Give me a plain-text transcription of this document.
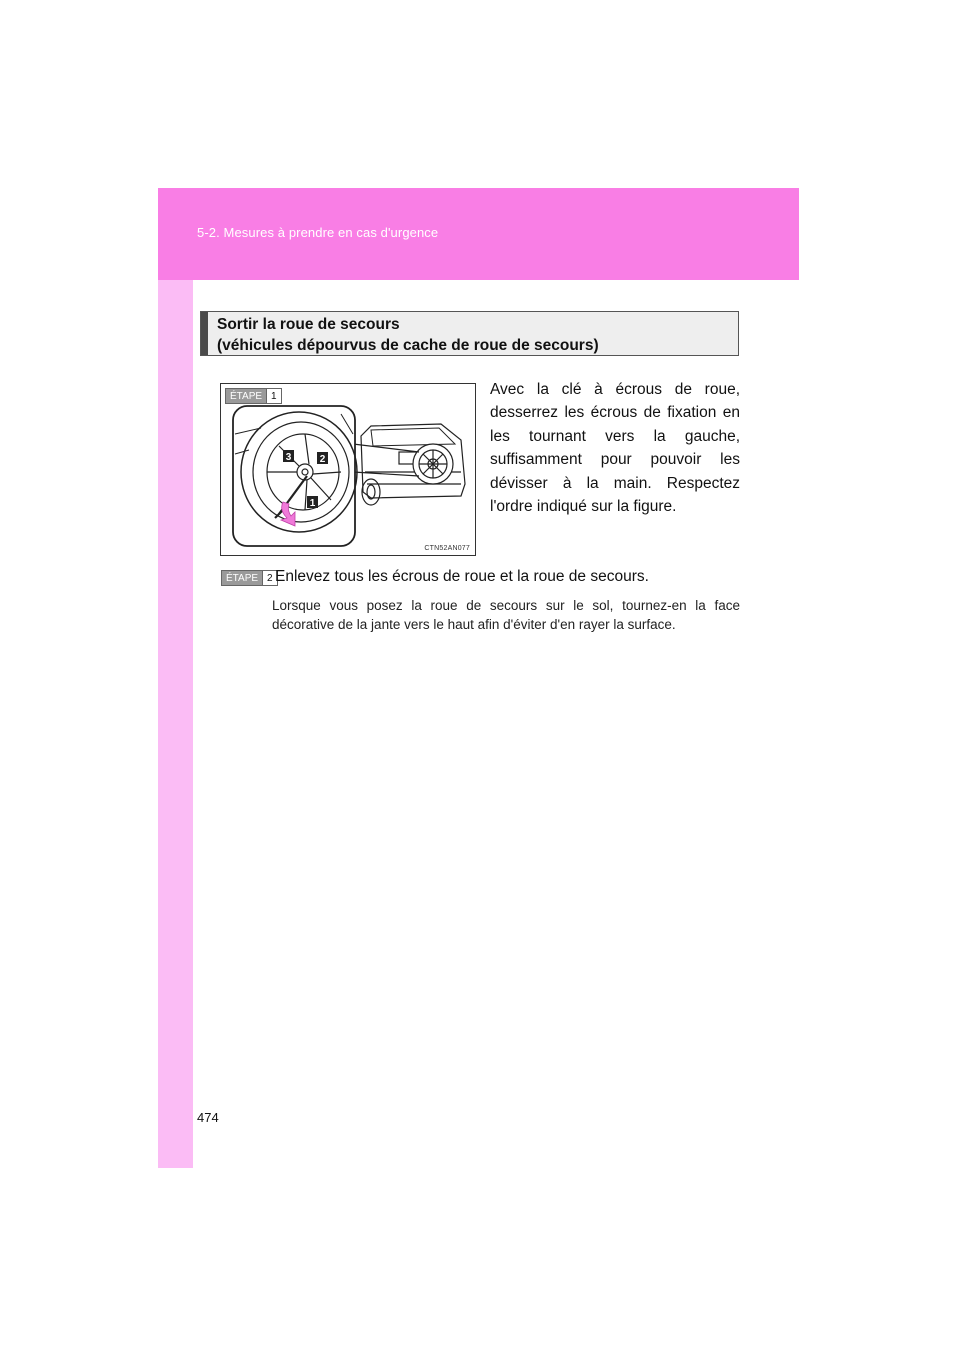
5-2. Mesures à prendre en cas d'urgence
Sortir la roue de secours
(véhicules dépourvus de cache de roue de secours)
ÉTAPE 1
3	2
1
CTN52AN077
Avec la clé à écrous de roue, desserrez les écrous de fixation en les tournant vers la gauche, suffisamment pour pouvoir les dévisser à la main. Respectez l'ordre indiqué sur la figure.
ÉTAPE 2 Enlevez tous les écrous de roue et la roue de secours.
Lorsque vous posez la roue de secours sur le sol, tournez-en la face décorative de la jante vers le haut afin d'éviter d'en rayer la surface.
474
